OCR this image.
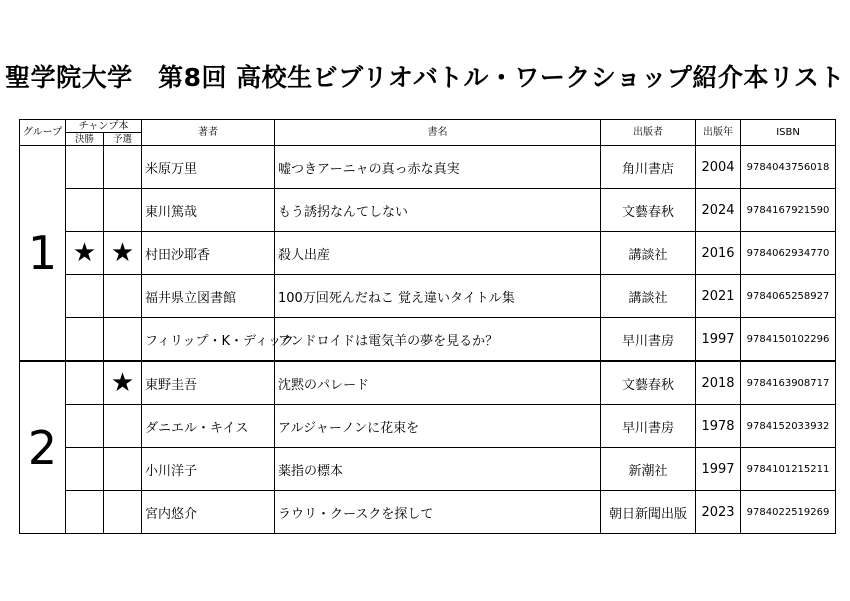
聖学院大学　第8回 高校生ビブリオバトル・ワークショップ紹介本リスト
グループ	チャンプ本		著者	書名	出版者	出版年	ISBN
	決勝	予選					
1			米原万里	嘘つきアーニャの真っ赤な真実	角川書店	2004	9784043756018
			東川篤哉	もう誘拐なんてしない	文藝春秋	2024	9784167921590
	★	★	村田沙耶香	殺人出産	講談社	2016	9784062934770
			福井県立図書館	100万回死んだねこ 覚え違いタイトル集	講談社	2021	9784065258927
			フィリップ・K・ディック	アンドロイドは電気羊の夢を見るか？	早川書房	1997	9784150102296
2		★	東野圭吾	沈黙のパレード	文藝春秋	2018	9784163908717
			ダニエル・キイス	アルジャーノンに花束を	早川書房	1978	9784152033932
			小川洋子	薬指の標本	新潮社	1997	9784101215211
			宮内悠介	ラウリ・クースクを探して	朝日新聞出版	2023	9784022519269
